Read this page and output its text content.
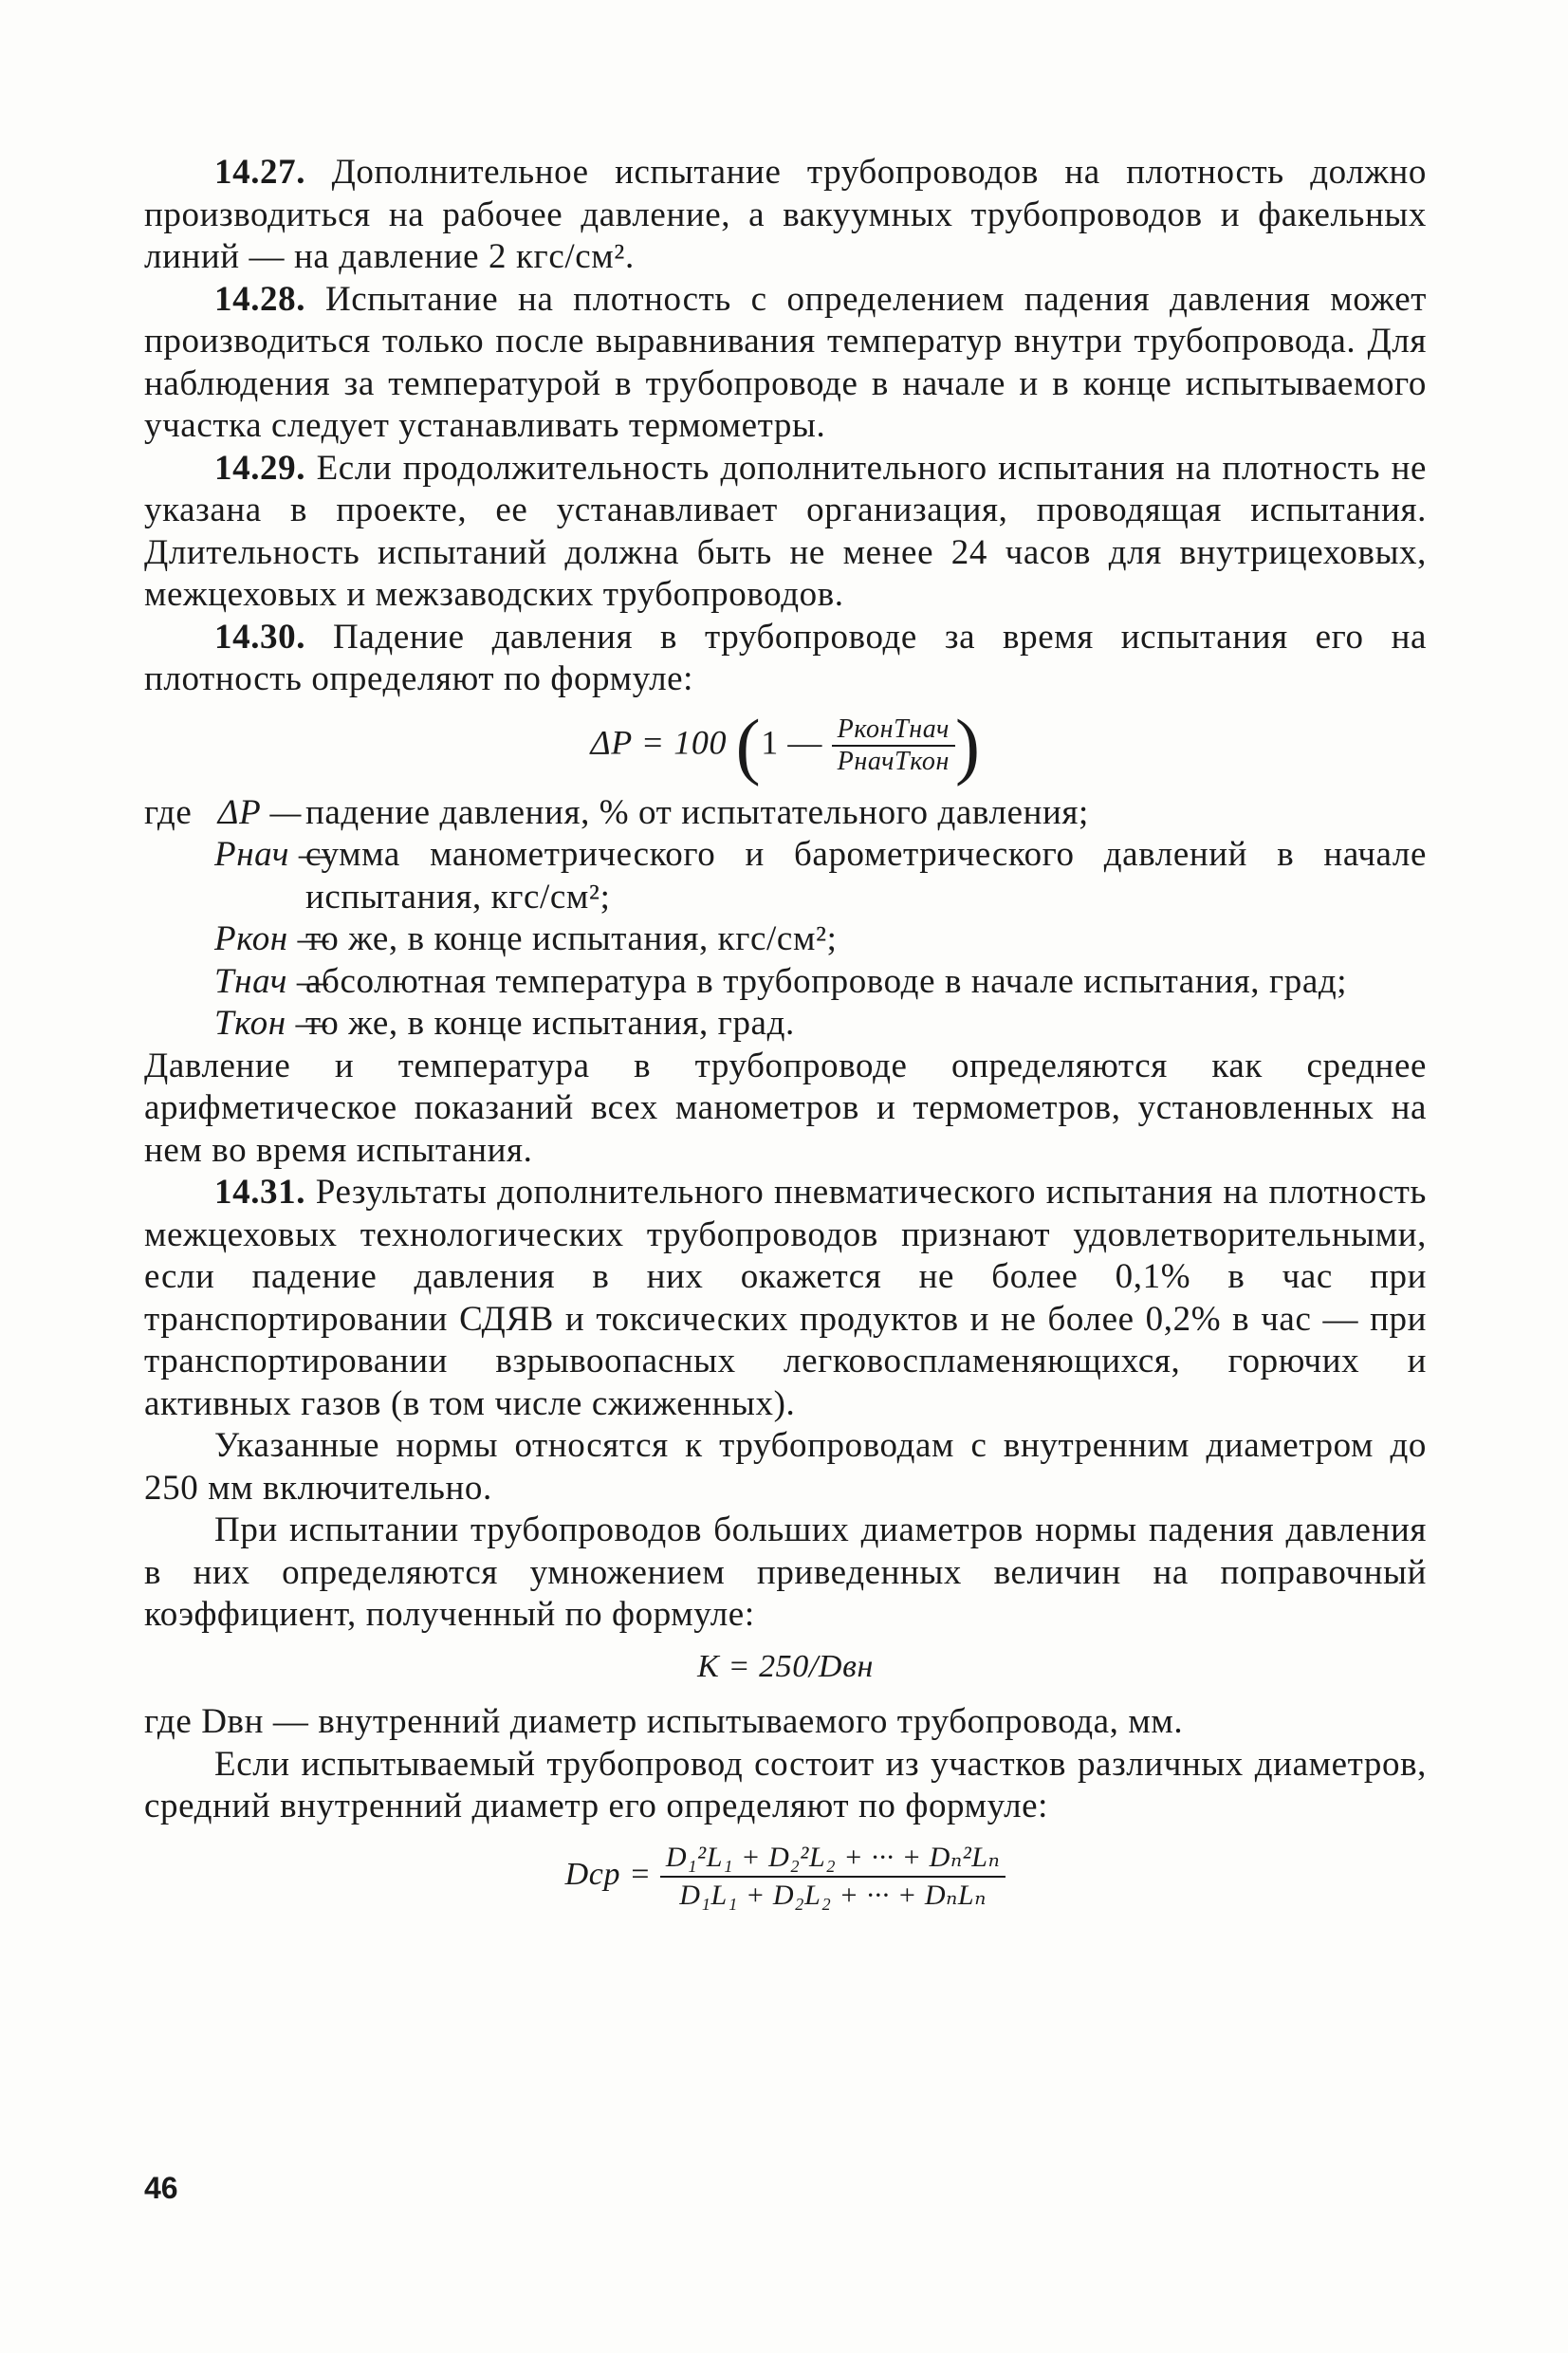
14.27. Дополнительное испытание трубопроводов на плотность должно производиться на рабочее давление, а вакуумных трубопроводов и факельных линий — на давление 2 кгс/см².

14.28. Испытание на плотность с определением падения давления может производиться только после выравнивания температур внутри трубопровода. Для наблюдения за температурой в трубопроводе в начале и в конце испытываемого участка следует устанавливать термометры.

14.29. Если продолжительность дополнительного испытания на плотность не указана в проекте, ее устанавливает организация, проводящая испытания. Длительность испытаний должна быть не менее 24 часов для внутрицеховых, межцеховых и межзаводских трубопроводов.

14.30. Падение давления в трубопроводе за время испытания его на плотность определяют по формуле:

ΔP = 100 (1 — $\frac{\text{PконTнач}}{\text{PначTкон}}$ )
где ΔP — падение давления, % от испытательного давления;
Pнач —
сумма манометрического и барометрического давлений в начале испытания, кгс/см²;
Pкон —
то же, в конце испытания, кгс/см²;
Tнач —
абсолютная температура в трубопроводе в начале испытания, град;
Tкон —
то же, в конце испытания, град.

Давление и температура в трубопроводе определяются как среднее арифметическое показаний всех манометров и термометров, установленных на нем во время испытания.

14.31. Результаты дополнительного пневматического испытания на плотность межцеховых технологических трубопроводов признают удовлетворительными, если падение давления в них окажется не более 0,1% в час при транспортировании СДЯВ и токсических продуктов и не более 0,2% в час — при транспортировании взрывоопасных легковоспламеняющихся, горючих и активных газов (в том числе сжиженных).

Указанные нормы относятся к трубопроводам с внутренним диаметром до 250 мм включительно.

При испытании трубопроводов больших диаметров нормы падения давления в них определяются умножением приведенных величин на поправочный коэффициент, полученный по формуле:

K = 250/Dвн

где Dвн — внутренний диаметр испытываемого трубопровода, мм.

Если испытываемый трубопровод состоит из участков различных диаметров, средний внутренний диаметр его определяют по формуле:

Dср = $\frac{\text{D₁²L₁ + D₂²L₂ + ··· + Dₙ²Lₙ}}{\text{D₁L₁ + D₂L₂ + ··· + DₙLₙ}}$
46
